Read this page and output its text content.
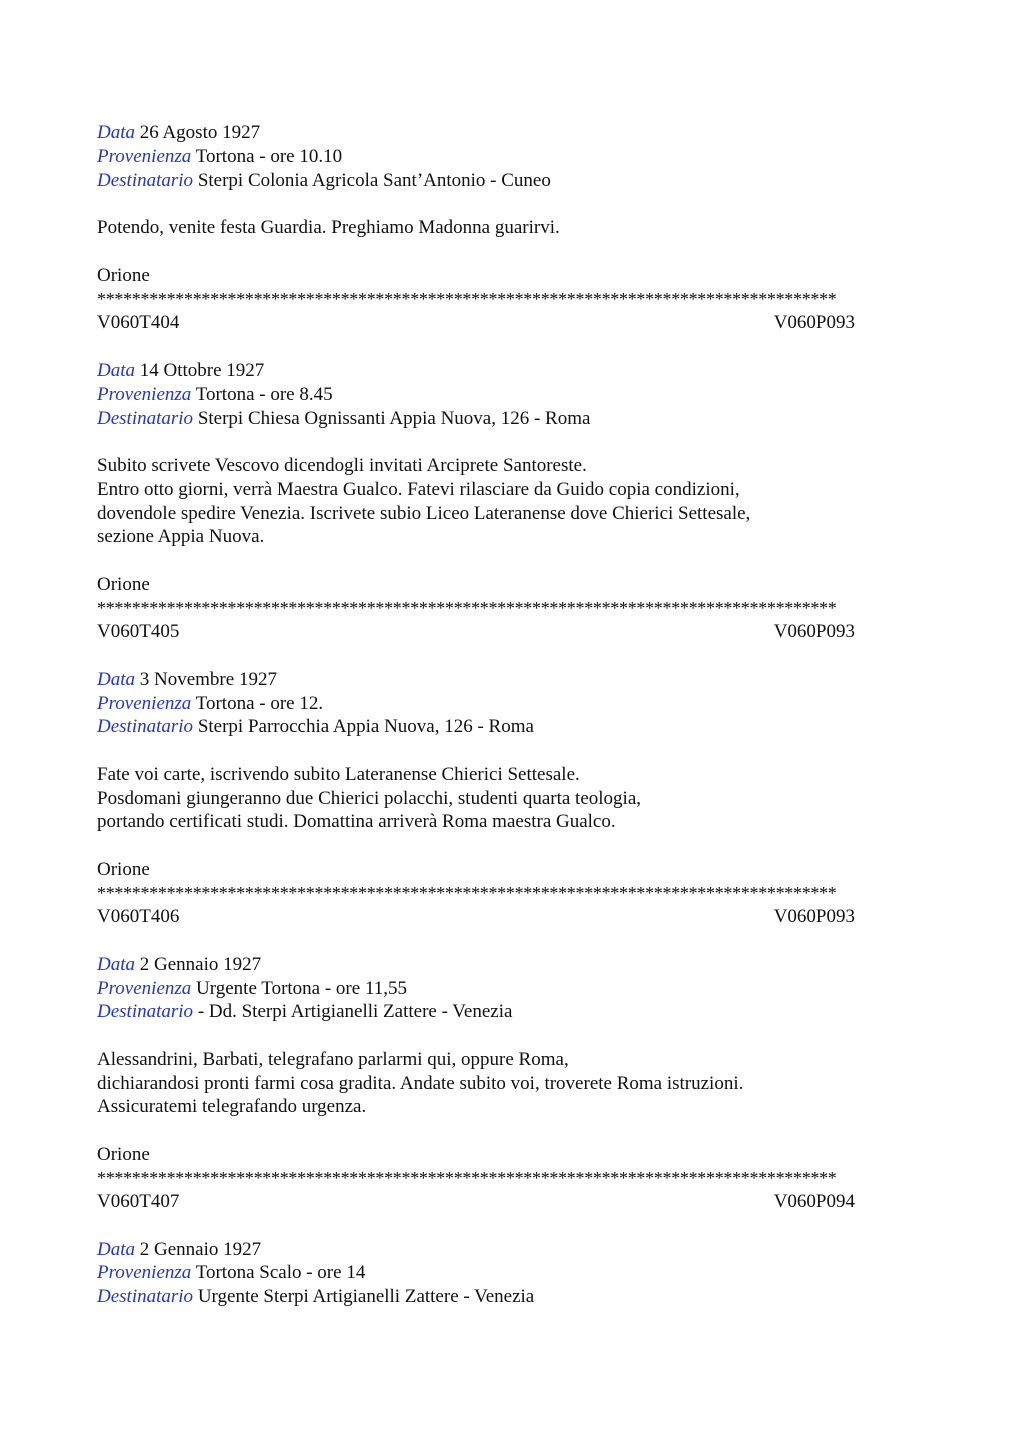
Data 26 Agosto 1927
Provenienza Tortona - ore 10.10
Destinatario Sterpi Colonia Agricola Sant’Antonio - Cuneo
Potendo, venite festa Guardia. Preghiamo Madonna guarirvi.
Orione
*************************************************************************************
V060T404	V060P093
Data 14 Ottobre 1927
Provenienza Tortona - ore 8.45
Destinatario Sterpi Chiesa Ognissanti Appia Nuova, 126 - Roma
Subito scrivete Vescovo dicendogli invitati Arciprete Santoreste.
Entro otto giorni, verrà Maestra Gualco. Fatevi rilasciare da Guido copia condizioni,
dovendole spedire Venezia. Iscrivete subio Liceo Lateranense dove Chierici Settesale,
sezione Appia Nuova.
Orione
*************************************************************************************
V060T405	V060P093
Data 3 Novembre 1927
Provenienza Tortona - ore 12.
Destinatario Sterpi Parrocchia Appia Nuova, 126 - Roma
Fate voi carte, iscrivendo subito Lateranense Chierici Settesale.
Posdomani giungeranno due Chierici polacchi, studenti quarta teologia,
portando certificati studi. Domattina arriverà Roma maestra Gualco.
Orione
*************************************************************************************
V060T406	V060P093
Data 2 Gennaio 1927
Provenienza Urgente Tortona - ore 11,55
Destinatario - Dd. Sterpi Artigianelli Zattere - Venezia
Alessandrini, Barbati, telegrafano parlarmi qui, oppure Roma,
dichiarandosi pronti farmi cosa gradita. Andate subito voi, troverete Roma istruzioni.
Assicuratemi telegrafando urgenza.
Orione
*************************************************************************************
V060T407	V060P094
Data 2 Gennaio 1927
Provenienza Tortona Scalo - ore 14
Destinatario Urgente Sterpi Artigianelli Zattere - Venezia
